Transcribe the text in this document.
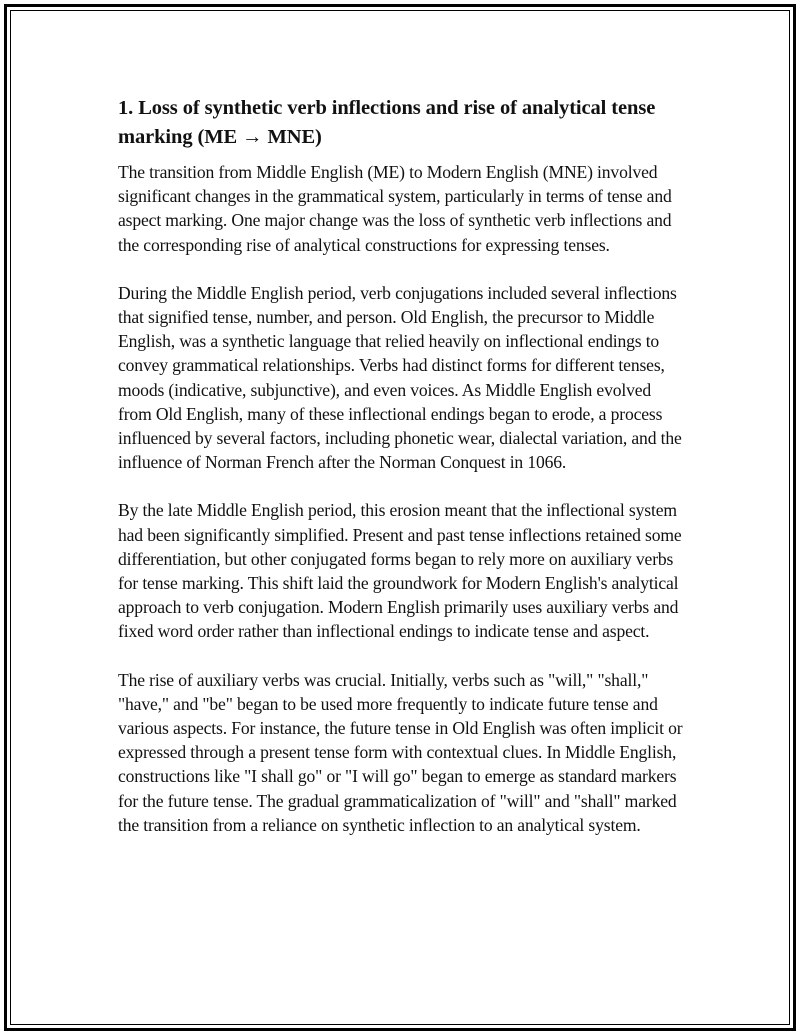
1. Loss of synthetic verb inflections and rise of analytical tense marking (ME → MNE)

The transition from Middle English (ME) to Modern English (MNE) involved significant changes in the grammatical system, particularly in terms of tense and aspect marking. One major change was the loss of synthetic verb inflections and the corresponding rise of analytical constructions for expressing tenses.

During the Middle English period, verb conjugations included several inflections that signified tense, number, and person. Old English, the precursor to Middle English, was a synthetic language that relied heavily on inflectional endings to convey grammatical relationships. Verbs had distinct forms for different tenses, moods (indicative, subjunctive), and even voices. As Middle English evolved from Old English, many of these inflectional endings began to erode, a process influenced by several factors, including phonetic wear, dialectal variation, and the influence of Norman French after the Norman Conquest in 1066.

By the late Middle English period, this erosion meant that the inflectional system had been significantly simplified. Present and past tense inflections retained some differentiation, but other conjugated forms began to rely more on auxiliary verbs for tense marking. This shift laid the groundwork for Modern English's analytical approach to verb conjugation. Modern English primarily uses auxiliary verbs and fixed word order rather than inflectional endings to indicate tense and aspect.

The rise of auxiliary verbs was crucial. Initially, verbs such as "will," "shall," "have," and "be" began to be used more frequently to indicate future tense and various aspects. For instance, the future tense in Old English was often implicit or expressed through a present tense form with contextual clues. In Middle English, constructions like "I shall go" or "I will go" began to emerge as standard markers for the future tense. The gradual grammaticalization of "will" and "shall" marked the transition from a reliance on synthetic inflection to an analytical system.
